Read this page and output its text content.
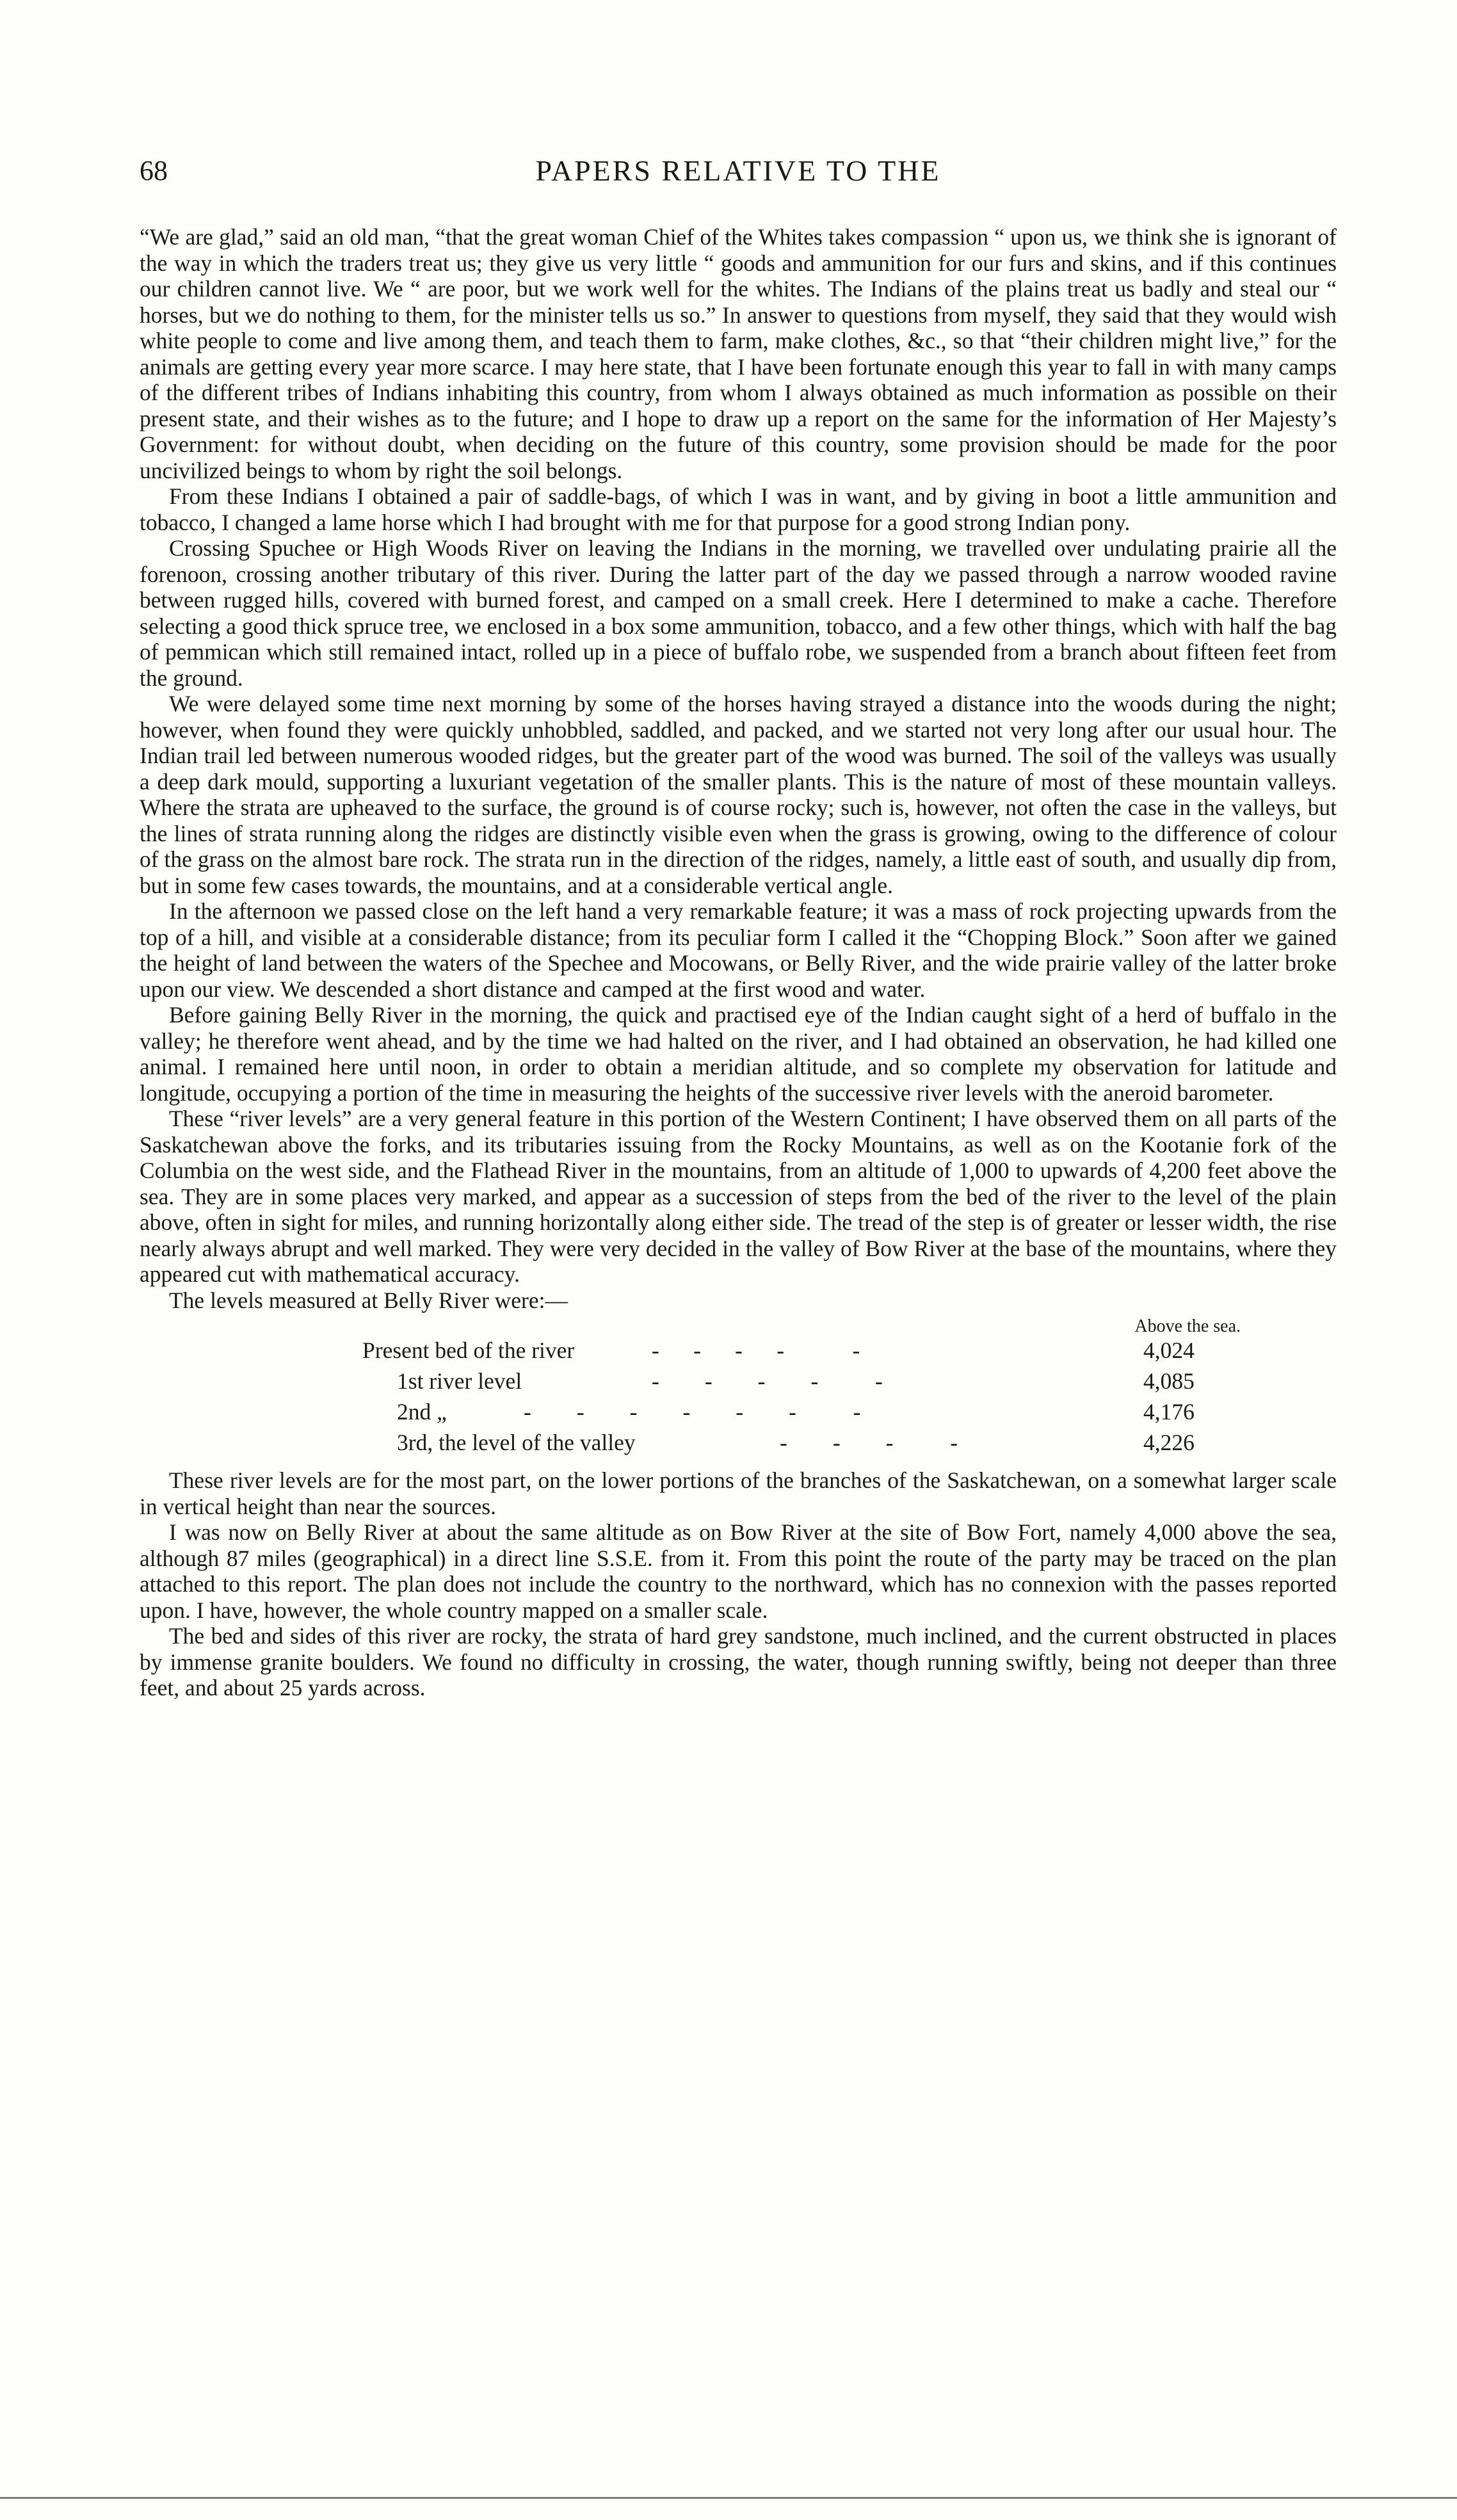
68	PAPERS RELATIVE TO THE

“We are glad,” said an old man, “that the great woman Chief of the Whites takes compassion “ upon us, we think she is ignorant of the way in which the traders treat us; they give us very little “ goods and ammunition for our furs and skins, and if this continues our children cannot live. We “ are poor, but we work well for the whites. The Indians of the plains treat us badly and steal our “ horses, but we do nothing to them, for the minister tells us so.” In answer to questions from myself, they said that they would wish white people to come and live among them, and teach them to farm, make clothes, &c., so that “their children might live,” for the animals are getting every year more scarce. I may here state, that I have been fortunate enough this year to fall in with many camps of the different tribes of Indians inhabiting this country, from whom I always obtained as much information as possible on their present state, and their wishes as to the future; and I hope to draw up a report on the same for the information of Her Majesty’s Government: for without doubt, when deciding on the future of this country, some provision should be made for the poor uncivilized beings to whom by right the soil belongs.

From these Indians I obtained a pair of saddle-bags, of which I was in want, and by giving in boot a little ammunition and tobacco, I changed a lame horse which I had brought with me for that purpose for a good strong Indian pony.

Crossing Spuchee or High Woods River on leaving the Indians in the morning, we travelled over undulating prairie all the forenoon, crossing another tributary of this river. During the latter part of the day we passed through a narrow wooded ravine between rugged hills, covered with burned forest, and camped on a small creek. Here I determined to make a cache. Therefore selecting a good thick spruce tree, we enclosed in a box some ammunition, tobacco, and a few other things, which with half the bag of pemmican which still remained intact, rolled up in a piece of buffalo robe, we suspended from a branch about fifteen feet from the ground.

We were delayed some time next morning by some of the horses having strayed a distance into the woods during the night; however, when found they were quickly unhobbled, saddled, and packed, and we started not very long after our usual hour. The Indian trail led between numerous wooded ridges, but the greater part of the wood was burned. The soil of the valleys was usually a deep dark mould, supporting a luxuriant vegetation of the smaller plants. This is the nature of most of these mountain valleys. Where the strata are upheaved to the surface, the ground is of course rocky; such is, however, not often the case in the valleys, but the lines of strata running along the ridges are distinctly visible even when the grass is growing, owing to the difference of colour of the grass on the almost bare rock. The strata run in the direction of the ridges, namely, a little east of south, and usually dip from, but in some few cases towards, the mountains, and at a considerable vertical angle.

In the afternoon we passed close on the left hand a very remarkable feature; it was a mass of rock projecting upwards from the top of a hill, and visible at a considerable distance; from its peculiar form I called it the “Chopping Block.” Soon after we gained the height of land between the waters of the Spechee and Mocowans, or Belly River, and the wide prairie valley of the latter broke upon our view. We descended a short distance and camped at the first wood and water.

Before gaining Belly River in the morning, the quick and practised eye of the Indian caught sight of a herd of buffalo in the valley; he therefore went ahead, and by the time we had halted on the river, and I had obtained an observation, he had killed one animal. I remained here until noon, in order to obtain a meridian altitude, and so complete my observation for latitude and longitude, occupying a portion of the time in measuring the heights of the successive river levels with the aneroid barometer.

These “river levels” are a very general feature in this portion of the Western Continent; I have observed them on all parts of the Saskatchewan above the forks, and its tributaries issuing from the Rocky Mountains, as well as on the Kootanie fork of the Columbia on the west side, and the Flathead River in the mountains, from an altitude of 1,000 to upwards of 4,200 feet above the sea. They are in some places very marked, and appear as a succession of steps from the bed of the river to the level of the plain above, often in sight for miles, and running horizontally along either side. The tread of the step is of greater or lesser width, the rise nearly always abrupt and well marked. They were very decided in the valley of Bow River at the base of the mountains, where they appeared cut with mathematical accuracy.

The levels measured at Belly River were:—

Above the sea.
Present bed of the river	-      -      -      -            -	4,024
1st river level	-        -        -        -          -	4,085
2nd „	-        -        -        -        -        -          -	4,176
3rd, the level of the valley	-        -        -          -	4,226

These river levels are for the most part, on the lower portions of the branches of the Saskatchewan, on a somewhat larger scale in vertical height than near the sources.

I was now on Belly River at about the same altitude as on Bow River at the site of Bow Fort, namely 4,000 above the sea, although 87 miles (geographical) in a direct line S.S.E. from it. From this point the route of the party may be traced on the plan attached to this report. The plan does not include the country to the northward, which has no connexion with the passes reported upon. I have, however, the whole country mapped on a smaller scale.

The bed and sides of this river are rocky, the strata of hard grey sandstone, much inclined, and the current obstructed in places by immense granite boulders. We found no difficulty in crossing, the water, though running swiftly, being not deeper than three feet, and about 25 yards across.
